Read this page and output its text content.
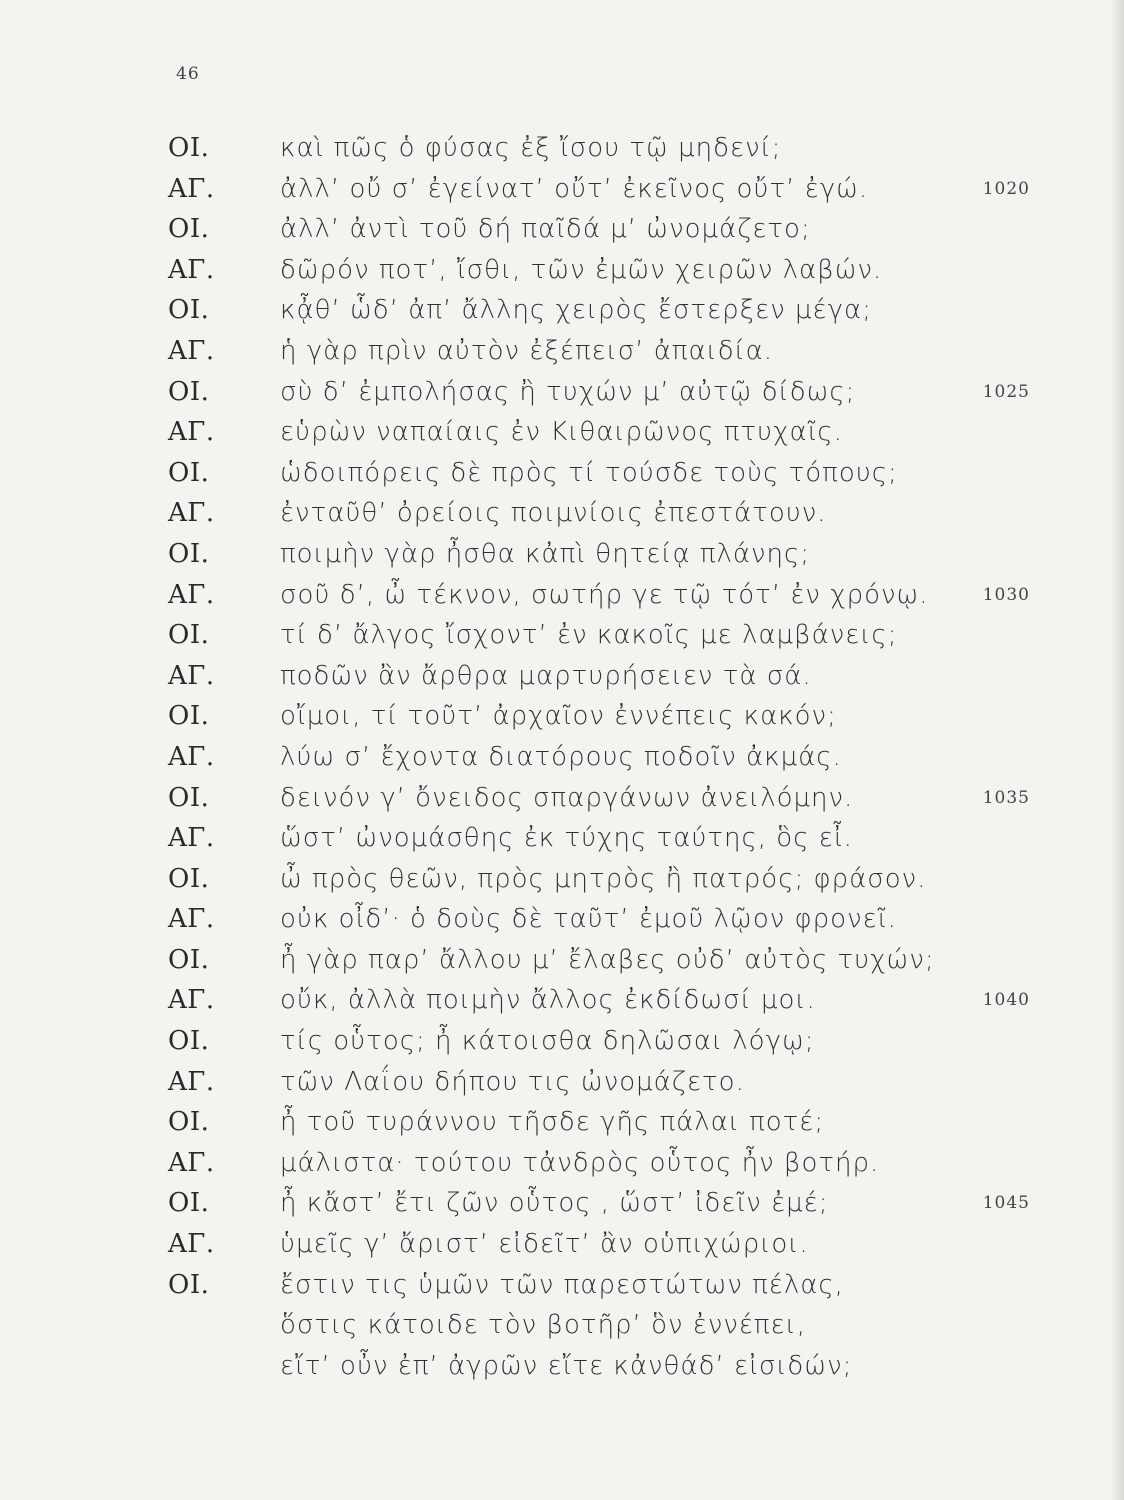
46
ΟΙ.	καὶ πῶς ὁ φύσας ἐξ ἴσου τῷ μηδενί;
ΑΓ.	ἀλλ’ οὔ σ’ ἐγείνατ’ οὔτ’ ἐκεῖνος οὔτ’ ἐγώ.	1020
ΟΙ.	ἀλλ’ ἀντὶ τοῦ δή παῖδά μ’ ὠνομάζετο;
ΑΓ.	δῶρόν ποτ’, ἴσθι, τῶν ἐμῶν χειρῶν λαβών.
ΟΙ.	κᾆθ’ ὧδ’ ἀπ’ ἄλλης χειρὸς ἔστερξεν μέγα;
ΑΓ.	ἡ γὰρ πρὶν αὐτὸν ἐξέπεισ’ ἀπαιδία.
ΟΙ.	σὺ δ’ ἐμπολήσας ἢ τυχών μ’ αὐτῷ δίδως;	1025
ΑΓ.	εὑρὼν ναπαίαις ἐν Κιθαιρῶνος πτυχαῖς.
ΟΙ.	ὡδοιπόρεις δὲ πρὸς τί τούσδε τοὺς τόπους;
ΑΓ.	ἐνταῦθ’ ὀρείοις ποιμνίοις ἐπεστάτουν.
ΟΙ.	ποιμὴν γὰρ ἦσθα κἀπὶ θητείᾳ πλάνης;
ΑΓ.	σοῦ δ’, ὦ τέκνον, σωτήρ γε τῷ τότ’ ἐν χρόνῳ.	1030
ΟΙ.	τί δ’ ἄλγος ἴσχοντ’ ἐν κακοῖς με λαμβάνεις;
ΑΓ.	ποδῶν ἂν ἄρθρα μαρτυρήσειεν τὰ σά.
ΟΙ.	οἴμοι, τί τοῦτ’ ἀρχαῖον ἐννέπεις κακόν;
ΑΓ.	λύω σ’ ἔχοντα διατόρους ποδοῖν ἀκμάς.
ΟΙ.	δεινόν γ’ ὄνειδος σπαργάνων ἀνειλόμην.	1035
ΑΓ.	ὥστ’ ὠνομάσθης ἐκ τύχης ταύτης, ὃς εἶ.
ΟΙ.	ὦ πρὸς θεῶν, πρὸς μητρὸς ἢ πατρός; φράσον.
ΑΓ.	οὐκ οἶδ’· ὁ δοὺς δὲ ταῦτ’ ἐμοῦ λῷον φρονεῖ.
ΟΙ.	ἦ γὰρ παρ’ ἄλλου μ’ ἔλαβες οὐδ’ αὐτὸς τυχών;
ΑΓ.	οὔκ, ἀλλὰ ποιμὴν ἄλλος ἐκδίδωσί μοι.	1040
ΟΙ.	τίς οὗτος; ἦ κάτοισθα δηλῶσαι λόγῳ;
ΑΓ.	τῶν Λαΐου δήπου τις ὠνομάζετο.
ΟΙ.	ἦ τοῦ τυράννου τῆσδε γῆς πάλαι ποτέ;
ΑΓ.	μάλιστα· τούτου τἀνδρὸς οὗτος ἦν βοτήρ.
ΟΙ.	ἦ κἄστ’ ἔτι ζῶν οὗτος , ὥστ’ ἰδεῖν ἐμέ;	1045
ΑΓ.	ὑμεῖς γ’ ἄριστ’ εἰδεῖτ’ ἂν οὑπιχώριοι.
ΟΙ.	ἔστιν τις ὑμῶν τῶν παρεστώτων πέλας,
ὅστις κάτοιδε τὸν βοτῆρ’ ὃν ἐννέπει,
εἴτ’ οὖν ἐπ’ ἀγρῶν εἴτε κἀνθάδ’ εἰσιδών;
